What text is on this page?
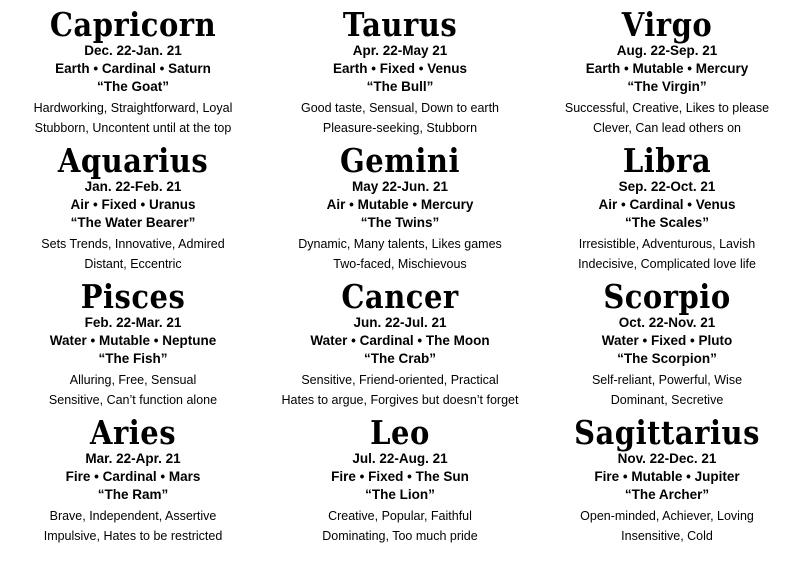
Capricorn
Dec. 22-Jan. 21
Earth • Cardinal • Saturn
“The Goat”
Hardworking, Straightforward, Loyal
Stubborn, Uncontent until at the top
Aquarius
Jan. 22-Feb. 21
Air • Fixed • Uranus
“The Water Bearer”
Sets Trends, Innovative, Admired
Distant, Eccentric
Pisces
Feb. 22-Mar. 21
Water • Mutable • Neptune
“The Fish”
Alluring, Free, Sensual
Sensitive, Can’t function alone
Aries
Mar. 22-Apr. 21
Fire • Cardinal • Mars
“The Ram”
Brave, Independent, Assertive
Impulsive, Hates to be restricted
Taurus
Apr. 22-May 21
Earth • Fixed • Venus
“The Bull”
Good taste, Sensual, Down to earth
Pleasure-seeking, Stubborn
Gemini
May 22-Jun. 21
Air • Mutable • Mercury
“The Twins”
Dynamic, Many talents, Likes games
Two-faced, Mischievous
Cancer
Jun. 22-Jul. 21
Water • Cardinal • The Moon
“The Crab”
Sensitive, Friend-oriented, Practical
Hates to argue, Forgives but doesn’t forget
Leo
Jul. 22-Aug. 21
Fire • Fixed • The Sun
“The Lion”
Creative, Popular, Faithful
Dominating, Too much pride
Virgo
Aug. 22-Sep. 21
Earth • Mutable • Mercury
“The Virgin”
Successful, Creative, Likes to please
Clever, Can lead others on
Libra
Sep. 22-Oct. 21
Air • Cardinal • Venus
“The Scales”
Irresistible, Adventurous, Lavish
Indecisive, Complicated love life
Scorpio
Oct. 22-Nov. 21
Water • Fixed • Pluto
“The Scorpion”
Self-reliant, Powerful, Wise
Dominant, Secretive
Sagittarius
Nov. 22-Dec. 21
Fire • Mutable • Jupiter
“The Archer”
Open-minded, Achiever, Loving
Insensitive, Cold
